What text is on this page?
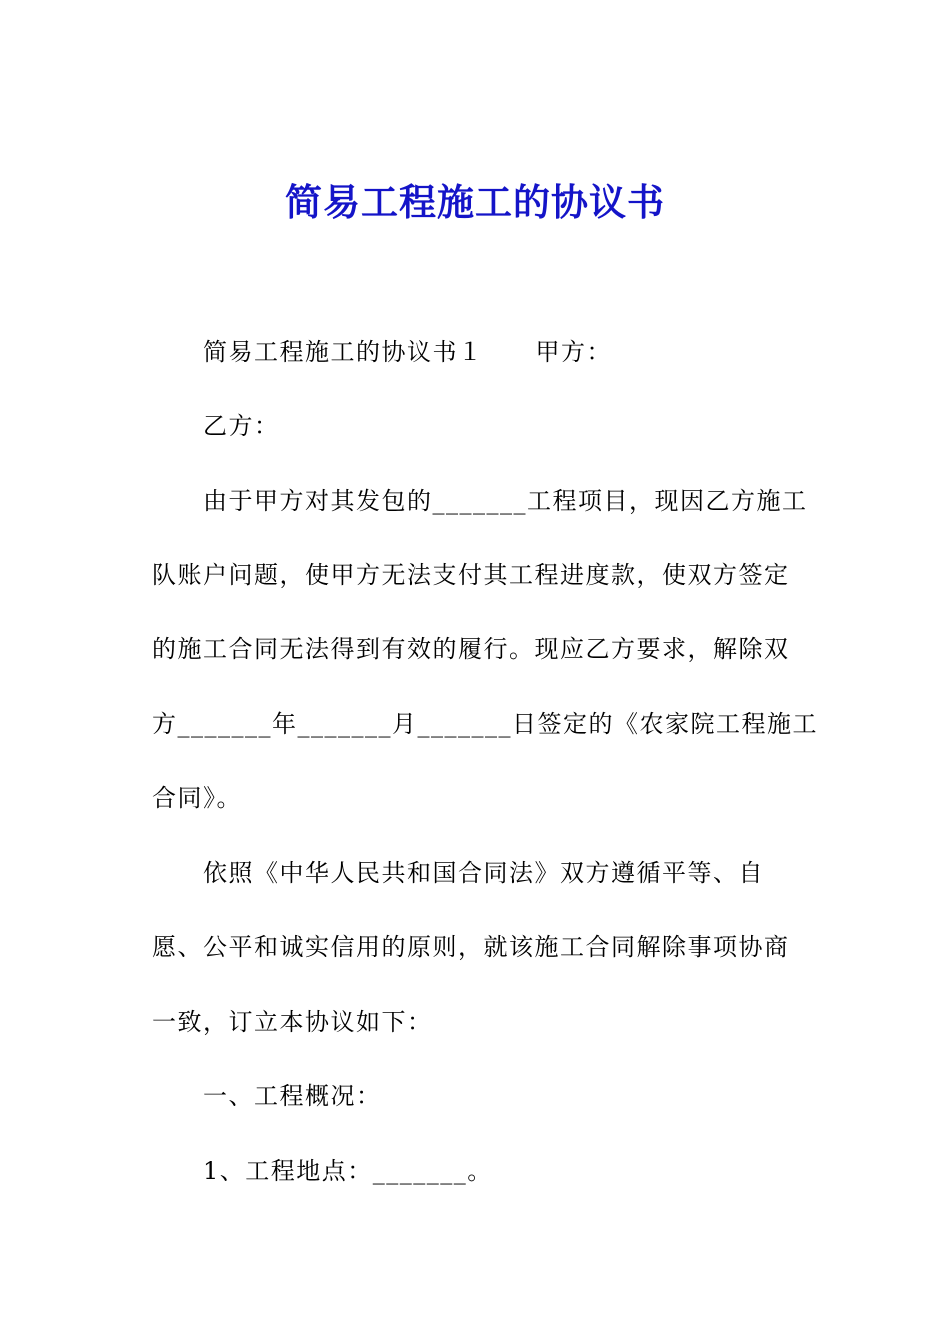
简易工程施工的协议书
简易工程施工的协议书１ 甲方：
乙方：
由于甲方对其发包的_______工程项目，现因乙方施工
队账户问题，使甲方无法支付其工程进度款，使双方签定
的施工合同无法得到有效的履行。现应乙方要求，解除双
方_______年_______月_______日签定的《农家院工程施工
合同》。
依照《中华人民共和国合同法》双方遵循平等、自
愿、公平和诚实信用的原则，就该施工合同解除事项协商
一致，订立本协议如下：
一、工程概况：
1、工程地点：_______。
